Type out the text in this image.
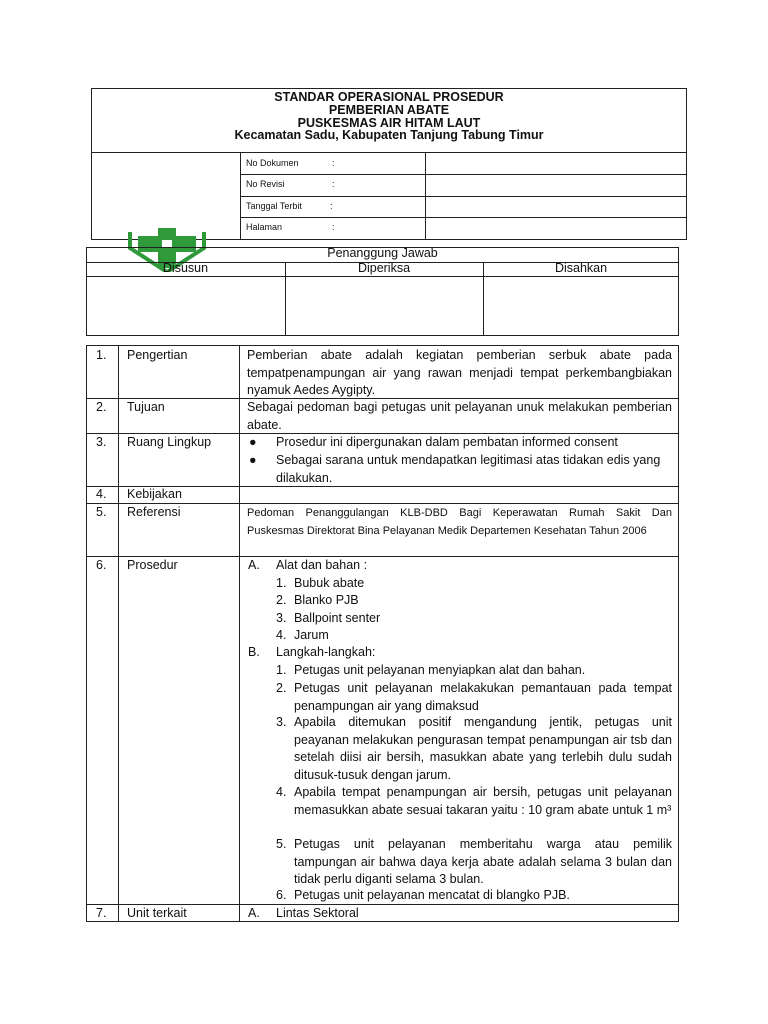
STANDAR OPERASIONAL PROSEDUR
PEMBERIAN ABATE
PUSKESMAS AIR HITAM LAUT
Kecamatan Sadu, Kabupaten Tanjung Tabung Timur
No Dokumen	:
No Revisi	:
Tanggal Terbit	:
Halaman	:
Penanggung Jawab
Disusun	Diperiksa	Disahkan
1. Pengertian	Pemberian abate adalah kegiatan pemberian serbuk abate pada tempatpenampungan air yang rawan menjadi tempat perkembangbiakan nyamuk Aedes Aygipty.
2. Tujuan	Sebagai pedoman bagi petugas unit pelayanan unuk melakukan pemberian abate.
3. Ruang Lingkup	● Prosedur ini dipergunakan dalam pembatan informed consent
● Sebagai sarana untuk mendapatkan legitimasi atas tidakan edis yang dilakukan.
4. Kebijakan
5. Referensi	Pedoman Penanggulangan KLB-DBD Bagi Keperawatan Rumah Sakit Dan Puskesmas Direktorat Bina Pelayanan Medik Departemen Kesehatan Tahun 2006
6. Prosedur	A. Alat dan bahan :
1. Bubuk abate
2. Blanko PJB
3. Ballpoint senter
4. Jarum
B. Langkah-langkah:
1. Petugas unit pelayanan menyiapkan alat dan bahan.
2. Petugas unit pelayanan melakakukan pemantauan pada tempat penampungan air yang dimaksud
3. Apabila ditemukan positif mengandung jentik, petugas unit peayanan melakukan pengurasan tempat penampungan air tsb dan setelah diisi air bersih, masukkan abate yang terlebih dulu sudah ditusuk-tusuk dengan jarum.
4. Apabila tempat penampungan air bersih, petugas unit pelayanan memasukkan abate sesuai takaran yaitu : 10 gram abate untuk 1 m³
5. Petugas unit pelayanan memberitahu warga atau pemilik tampungan air bahwa daya kerja abate adalah selama 3 bulan dan tidak perlu diganti selama 3 bulan.
6. Petugas unit pelayanan mencatat di blangko PJB.
7. Unit terkait	A. Lintas Sektoral
